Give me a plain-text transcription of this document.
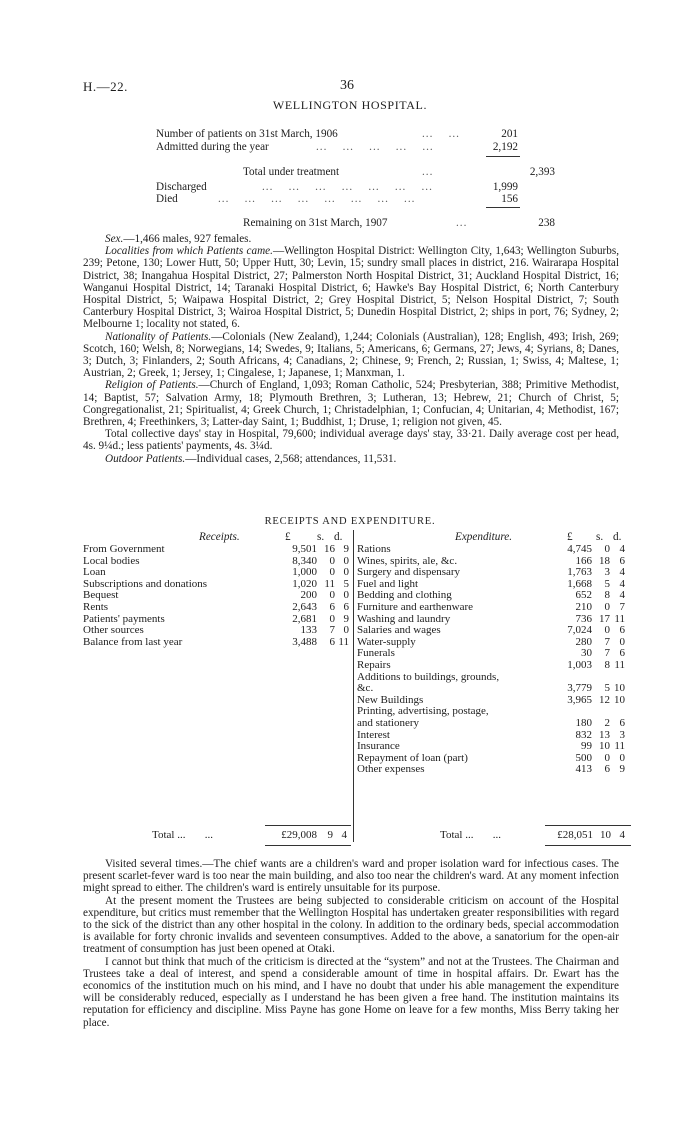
H.—22.	36
WELLINGTON HOSPITAL.
Number of patients on 31st March, 1906	...    ...	201
Admitted during the year	...    ...    ...    ...    ...	2,192
Total under treatment	...	2,393
Discharged	...    ...    ...    ...    ...    ...    ...	1,999
Died	...    ...    ...    ...    ...    ...    ...    ...	156
Remaining on 31st March, 1907	...	238

Sex.—1,466 males, 927 females.

Localities from which Patients came.—Wellington Hospital District: Wellington City, 1,643; Wellington Suburbs, 239; Petone, 130; Lower Hutt, 50; Upper Hutt, 30; Levin, 15; sundry small places in district, 216. Wairarapa Hospital District, 38; Inangahua Hospital District, 27; Palmerston North Hospital District, 31; Auckland Hospital District, 16; Wanganui Hospital District, 14; Taranaki Hospital District, 6; Hawke's Bay Hospital District, 6; North Canterbury Hospital District, 5; Waipawa Hospital District, 2; Grey Hospital District, 5; Nelson Hospital District, 7; South Canterbury Hospital District, 3; Wairoa Hospital District, 5; Dunedin Hospital District, 2; ships in port, 76; Sydney, 2; Melbourne 1; locality not stated, 6.

Nationality of Patients.—Colonials (New Zealand), 1,244; Colonials (Australian), 128; English, 493; Irish, 269; Scotch, 160; Welsh, 8; Norwegians, 14; Swedes, 9; Italians, 5; Americans, 6; Germans, 27; Jews, 4; Syrians, 8; Danes, 3; Dutch, 3; Finlanders, 2; South Africans, 4; Canadians, 2; Chinese, 9; French, 2; Russian, 1; Swiss, 4; Maltese, 1; Austrian, 2; Greek, 1; Jersey, 1; Cingalese, 1; Japanese, 1; Manxman, 1.

Religion of Patients.—Church of England, 1,093; Roman Catholic, 524; Presbyterian, 388; Primitive Methodist, 14; Baptist, 57; Salvation Army, 18; Plymouth Brethren, 3; Lutheran, 13; Hebrew, 21; Church of Christ, 5; Congregationalist, 21; Spiritualist, 4; Greek Church, 1; Christadelphian, 1; Confucian, 4; Unitarian, 4; Methodist, 167; Brethren, 4; Freethinkers, 3; Latter-day Saint, 1; Buddhist, 1; Druse, 1; religion not given, 45.

Total collective days' stay in Hospital, 79,600; individual average days' stay, 33·21. Daily average cost per head, 4s. 9¼d.; less patients' payments, 4s. 3¼d.

Outdoor Patients.—Individual cases, 2,568; attendances, 11,531.

RECEIPTS AND EXPENDITURE.
Receipts.	Expenditure.
£ s. d.	£ s. d.
From Government	9,501	16	9
Local bodies	8,340	0	0
Loan	1,000	0	0
Subscriptions and donations	1,020	11	5
Bequest	200	0	0
Rents	2,643	6	6
Patients' payments	2,681	0	9
Other sources	133	7	0
Balance from last year	3,488	6	11
Rations	4,745	0	4
Wines, spirits, ale, &c.	166	18	6
Surgery and dispensary	1,763	3	4
Fuel and light	1,668	5	4
Bedding and clothing	652	8	4
Furniture and earthenware	210	0	7
Washing and laundry	736	17	11
Salaries and wages	7,024	0	6
Water-supply	280	7	0
Funerals	30	7	6
Repairs	1,003	8	11
Additions to buildings, grounds,			
&c.	3,779	5	10
New Buildings	3,965	12	10
Printing, advertising, postage,			
and stationery	180	2	6
Interest	832	13	3
Insurance	99	10	11
Repayment of loan (part)	500	0	0
Other expenses	413	6	9
Total ...       ...	£29,008 9 4	Total ...       ...	£28,051 10 4

Visited several times.—The chief wants are a children's ward and proper isolation ward for infectious cases. The present scarlet-fever ward is too near the main building, and also too near the children's ward. At any moment infection might spread to either. The children's ward is entirely unsuitable for its purpose.

At the present moment the Trustees are being subjected to considerable criticism on account of the Hospital expenditure, but critics must remember that the Wellington Hospital has undertaken greater responsibilities with regard to the sick of the district than any other hospital in the colony. In addition to the ordinary beds, special accommodation is available for forty chronic invalids and seventeen consumptives. Added to the above, a sanatorium for the open-air treatment of consumption has just been opened at Otaki.

I cannot but think that much of the criticism is directed at the “system” and not at the Trustees. The Chairman and Trustees take a deal of interest, and spend a considerable amount of time in hospital affairs. Dr. Ewart has the economics of the institution much on his mind, and I have no doubt that under his able management the expenditure will be considerably reduced, especially as I understand he has been given a free hand. The institution maintains its reputation for efficiency and discipline. Miss Payne has gone Home on leave for a few months, Miss Berry taking her place.
